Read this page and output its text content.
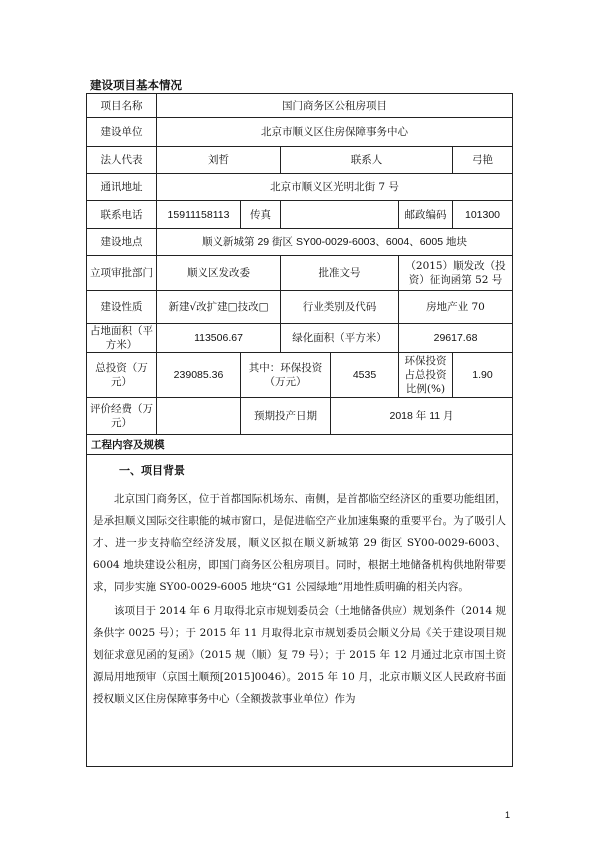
建设项目基本情况
项目名称	国门商务区公租房项目					
建设单位	北京市顺义区住房保障事务中心					
法人代表	刘哲		联系人			弓艳
通讯地址	北京市顺义区光明北街 7 号					
联系电话	15911158113	传真			邮政编码	101300
建设地点	顺义新城第 29 街区 SY00-0029-6003、6004、6005 地块					
立项审批部门	顺义区发改委		批准文号		（2015）顺发改（投资）征询函第 52 号	
建设性质	新建√改扩建□技改□		行业类别及代码		房地产业 70	
占地面积（平方米）	113506.67		绿化面积（平方米）		29617.68	
总投资（万元）	239085.36	其中：环保投资（万元）		4535	环保投资占总投资比例(%)	1.90
评价经费（万元）		预期投产日期		2018 年 11 月		
工程内容及规模						

一、项目背景
北京国门商务区，位于首都国际机场东、南侧，是首都临空经济区的重要功能组团，是承担顺义国际交往职能的城市窗口，是促进临空产业加速集聚的重要平台。为了吸引人才、进一步支持临空经济发展，顺义区拟在顺义新城第 29 街区 SY00-0029-6003、6004 地块建设公租房，即国门商务区公租房项目。同时，根据土地储备机构供地附带要求，同步实施 SY00-0029-6005 地块“G1 公园绿地”用地性质明确的相关内容。
该项目于 2014 年 6 月取得北京市规划委员会（土地储备供应）规划条件（2014 规条供字 0025 号）；于 2015 年 11 月取得北京市规划委员会顺义分局《关于建设项目规划征求意见函的复函》（2015 规（顺）复 79 号）；于 2015 年 12 月通过北京市国土资源局用地预审（京国土顺预[2015]0046）。2015 年 10 月，北京市顺义区人民政府书面授权顺义区住房保障事务中心（全额拨款事业单位）作为						
1
